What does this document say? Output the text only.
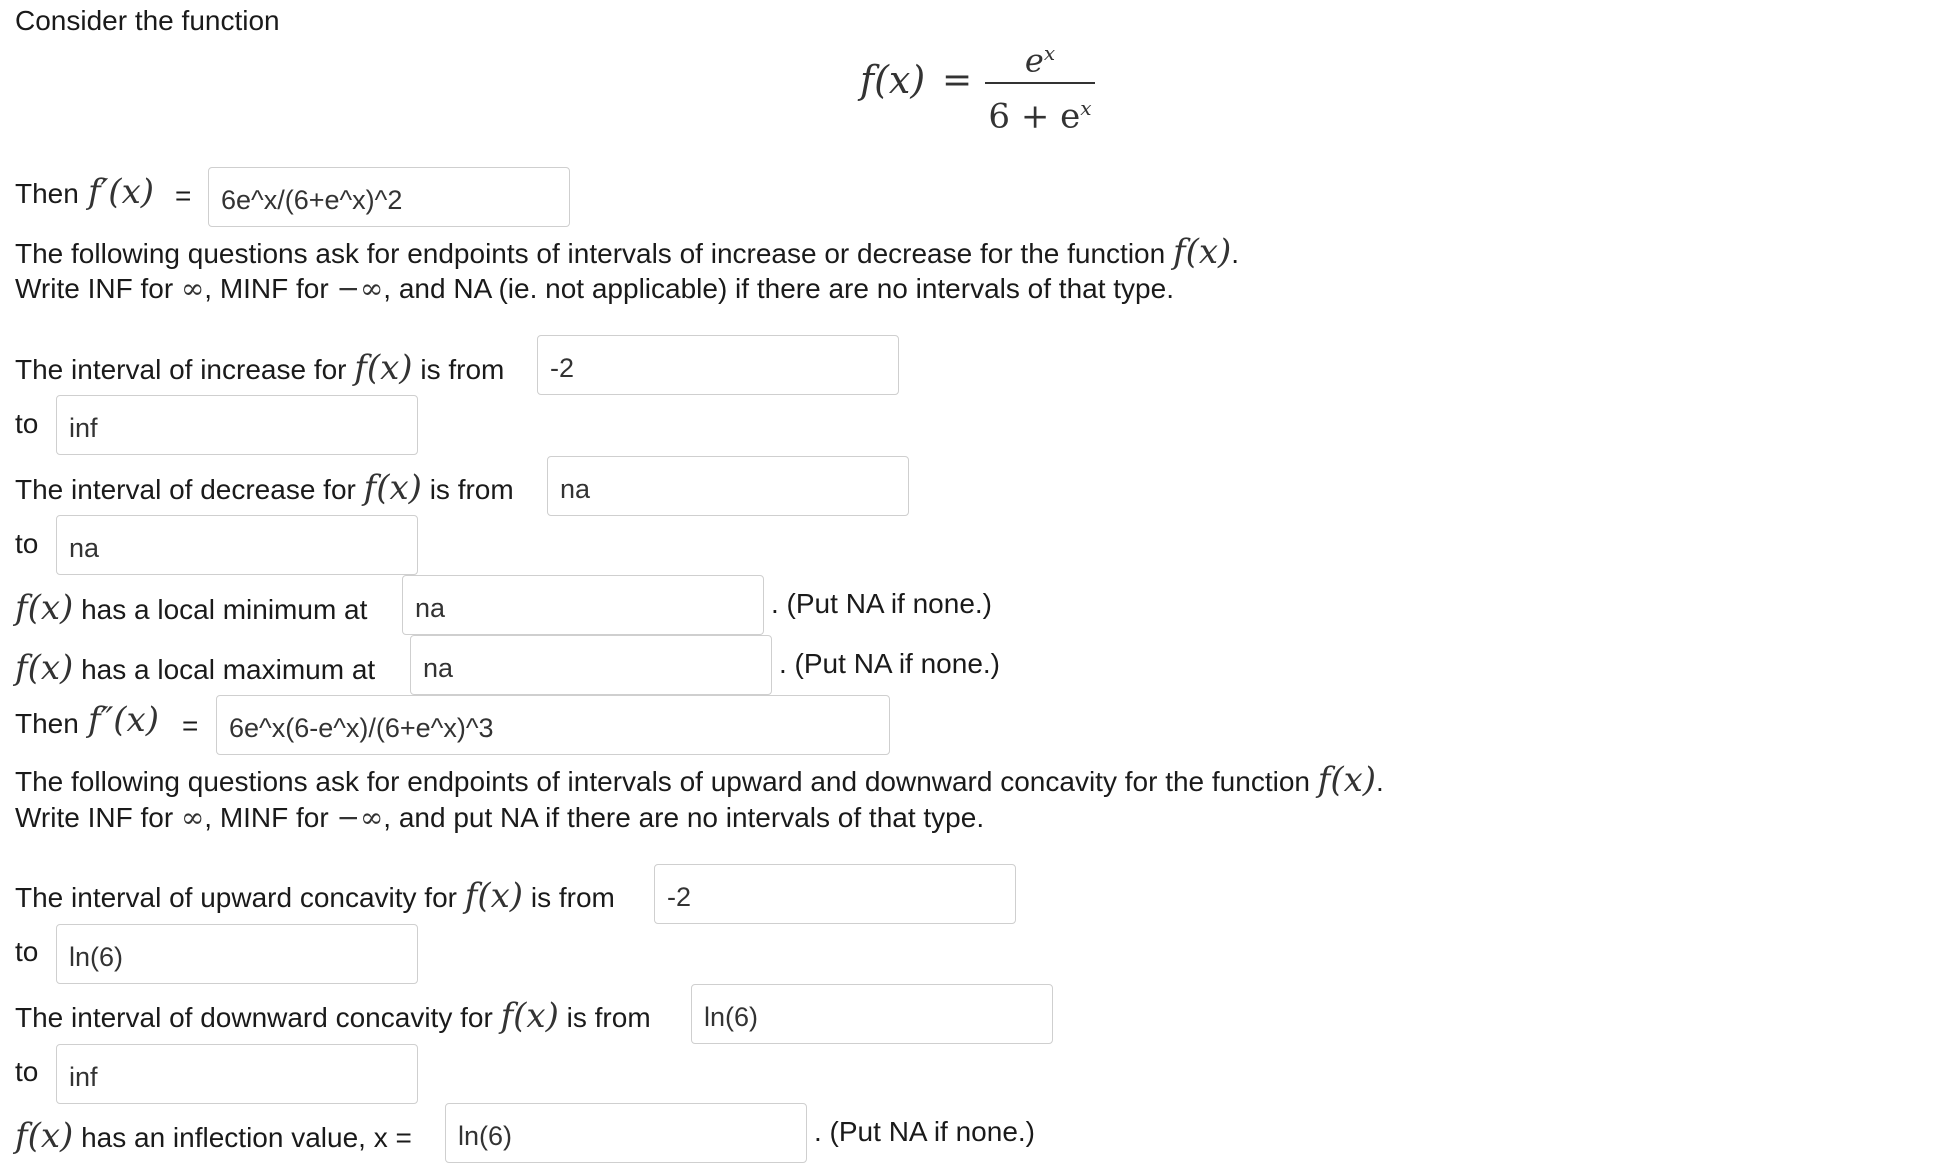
Consider the function
f(x) =	$e^x$
$6 + e^x$
Then f′(x) =
6e^x/(6+e^x)^2
The following questions ask for endpoints of intervals of increase or decrease for the function f(x).
Write INF for ∞, MINF for −∞, and NA (ie. not applicable) if there are no intervals of that type.
The interval of increase for f(x) is from
-2
to
inf
The interval of decrease for f(x) is from
na
to
na
f(x) has a local minimum at
na	. (Put NA if none.)
f(x) has a local maximum at
na	. (Put NA if none.)
Then f″(x) =
6e^x(6-e^x)/(6+e^x)^3
The following questions ask for endpoints of intervals of upward and downward concavity for the function f(x).
Write INF for ∞, MINF for −∞, and put NA if there are no intervals of that type.
The interval of upward concavity for f(x) is from
-2
to
ln(6)
The interval of downward concavity for f(x) is from
ln(6)
to
inf
f(x) has an inflection value, x =
ln(6)	. (Put NA if none.)
